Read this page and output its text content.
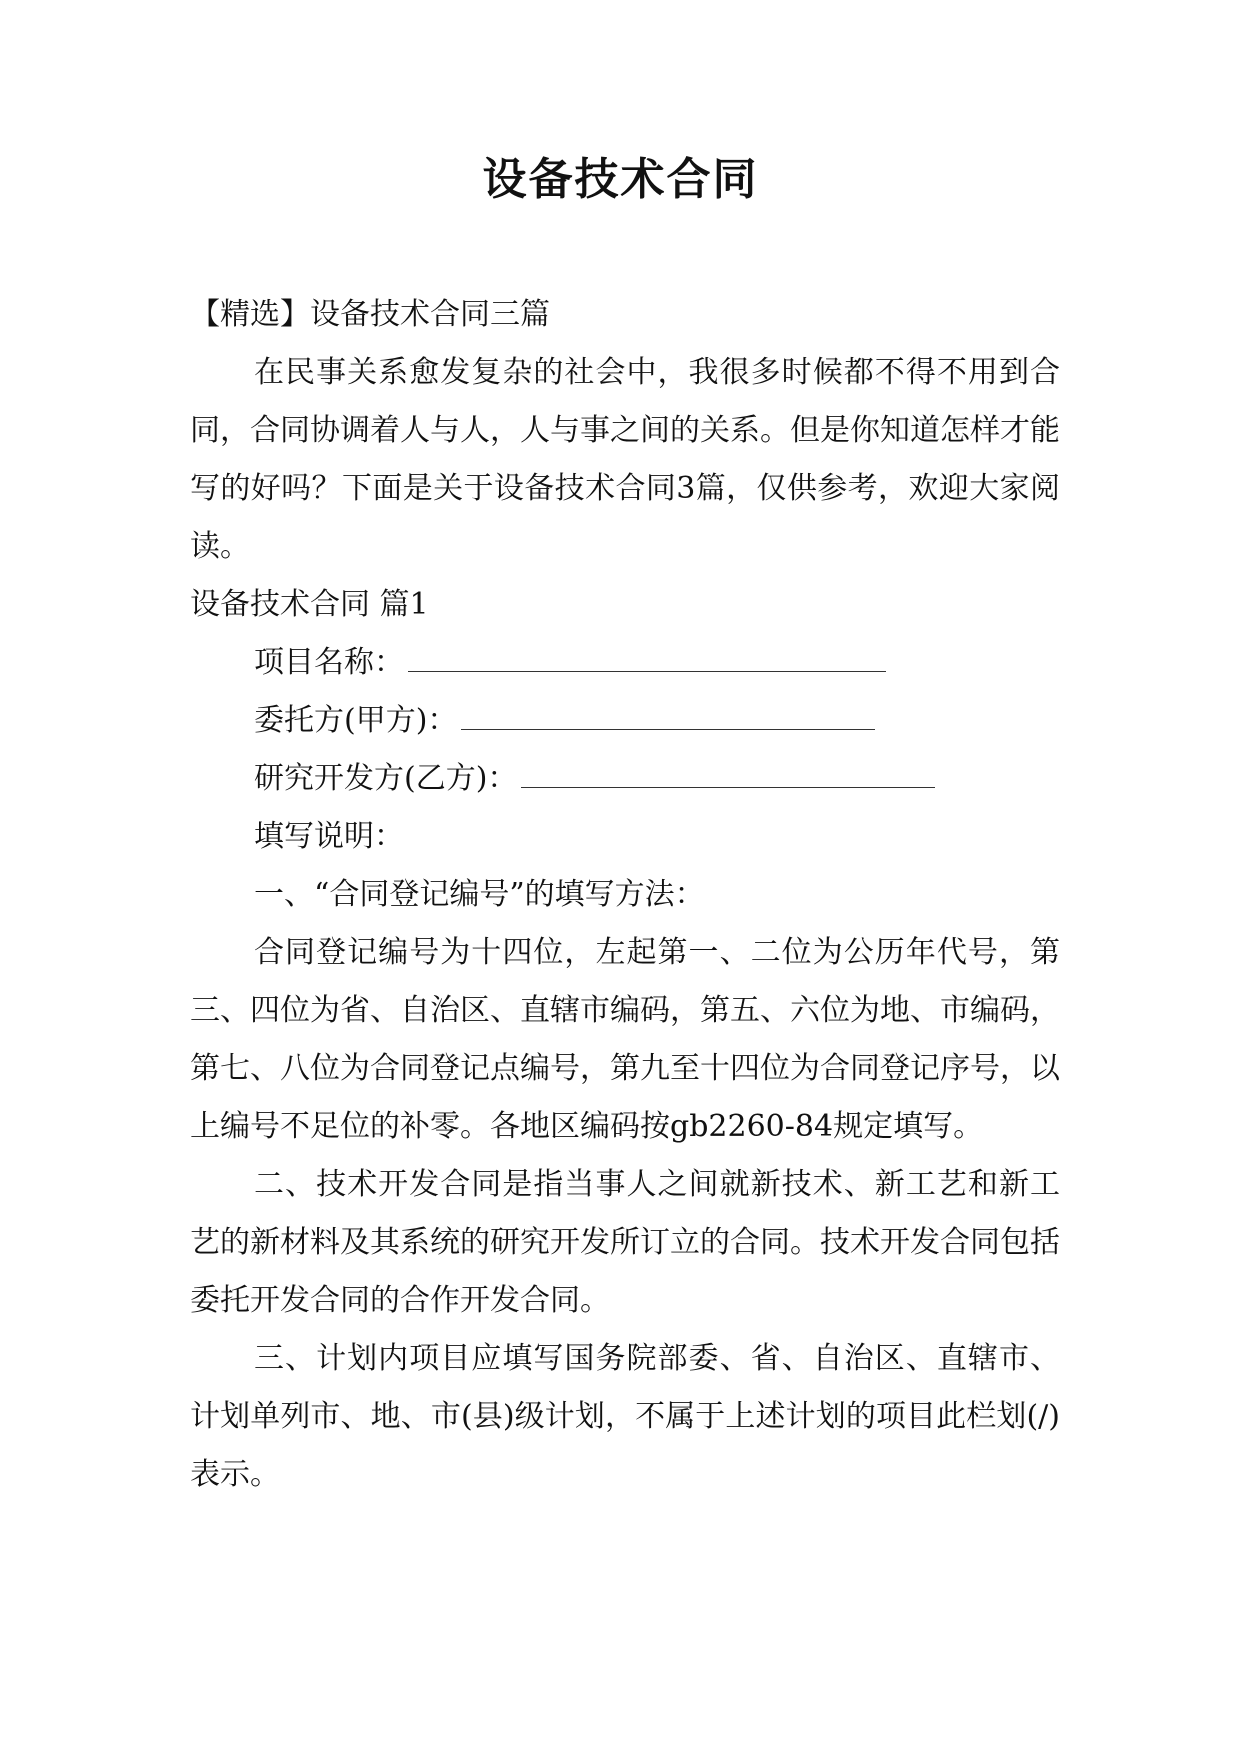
设备技术合同
【精选】设备技术合同三篇

在民事关系愈发复杂的社会中，我很多时候都不得不用到合同，合同协调着人与人，人与事之间的关系。但是你知道怎样才能写的好吗？下面是关于设备技术合同3篇，仅供参考，欢迎大家阅读。

设备技术合同 篇1
项目名称：
委托方(甲方)：
研究开发方(乙方)：
填写说明：
一、“合同登记编号”的填写方法：

合同登记编号为十四位，左起第一、二位为公历年代号，第三、四位为省、自治区、直辖市编码，第五、六位为地、市编码，第七、八位为合同登记点编号，第九至十四位为合同登记序号，以上编号不足位的补零。各地区编码按gb2260-84规定填写。

二、技术开发合同是指当事人之间就新技术、新工艺和新工艺的新材料及其系统的研究开发所订立的合同。技术开发合同包括委托开发合同的合作开发合同。

三、计划内项目应填写国务院部委、省、自治区、直辖市、计划单列市、地、市(县)级计划，不属于上述计划的项目此栏划(/)表示。
